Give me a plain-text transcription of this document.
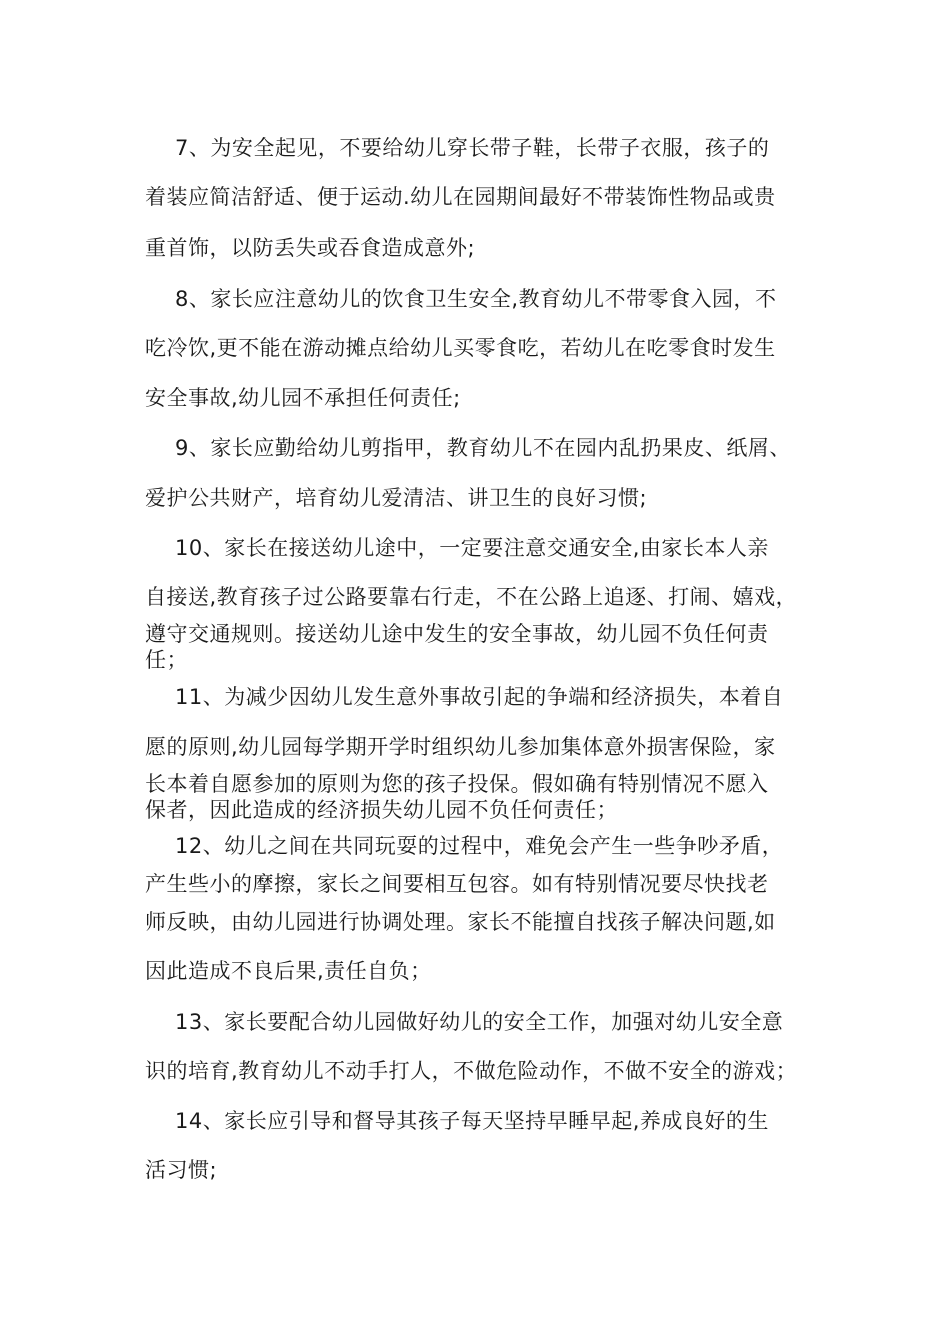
7、为安全起见，不要给幼儿穿长带子鞋，长带子衣服，孩子的
着装应简洁舒适、便于运动.幼儿在园期间最好不带装饰性物品或贵
重首饰，以防丢失或吞食造成意外;
8、家长应注意幼儿的饮食卫生安全,教育幼儿不带零食入园，不
吃冷饮,更不能在游动摊点给幼儿买零食吃，若幼儿在吃零食时发生
安全事故,幼儿园不承担任何责任;
9、家长应勤给幼儿剪指甲，教育幼儿不在园内乱扔果皮、纸屑、
爱护公共财产，培育幼儿爱清洁、讲卫生的良好习惯;
10、家长在接送幼儿途中，一定要注意交通安全,由家长本人亲
自接送,教育孩子过公路要靠右行走，不在公路上追逐、打闹、嬉戏，
遵守交通规则。接送幼儿途中发生的安全事故，幼儿园不负任何责
任；
11、为减少因幼儿发生意外事故引起的争端和经济损失，本着自
愿的原则,幼儿园每学期开学时组织幼儿参加集体意外损害保险，家
长本着自愿参加的原则为您的孩子投保。假如确有特别情况不愿入
保者，因此造成的经济损失幼儿园不负任何责任；
12、幼儿之间在共同玩耍的过程中，难免会产生一些争吵矛盾，
产生些小的摩擦，家长之间要相互包容。如有特别情况要尽快找老
师反映，由幼儿园进行协调处理。家长不能擅自找孩子解决问题,如
因此造成不良后果,责任自负；
13、家长要配合幼儿园做好幼儿的安全工作，加强对幼儿安全意
识的培育,教育幼儿不动手打人，不做危险动作，不做不安全的游戏；
14、家长应引导和督导其孩子每天坚持早睡早起,养成良好的生
活习惯;
